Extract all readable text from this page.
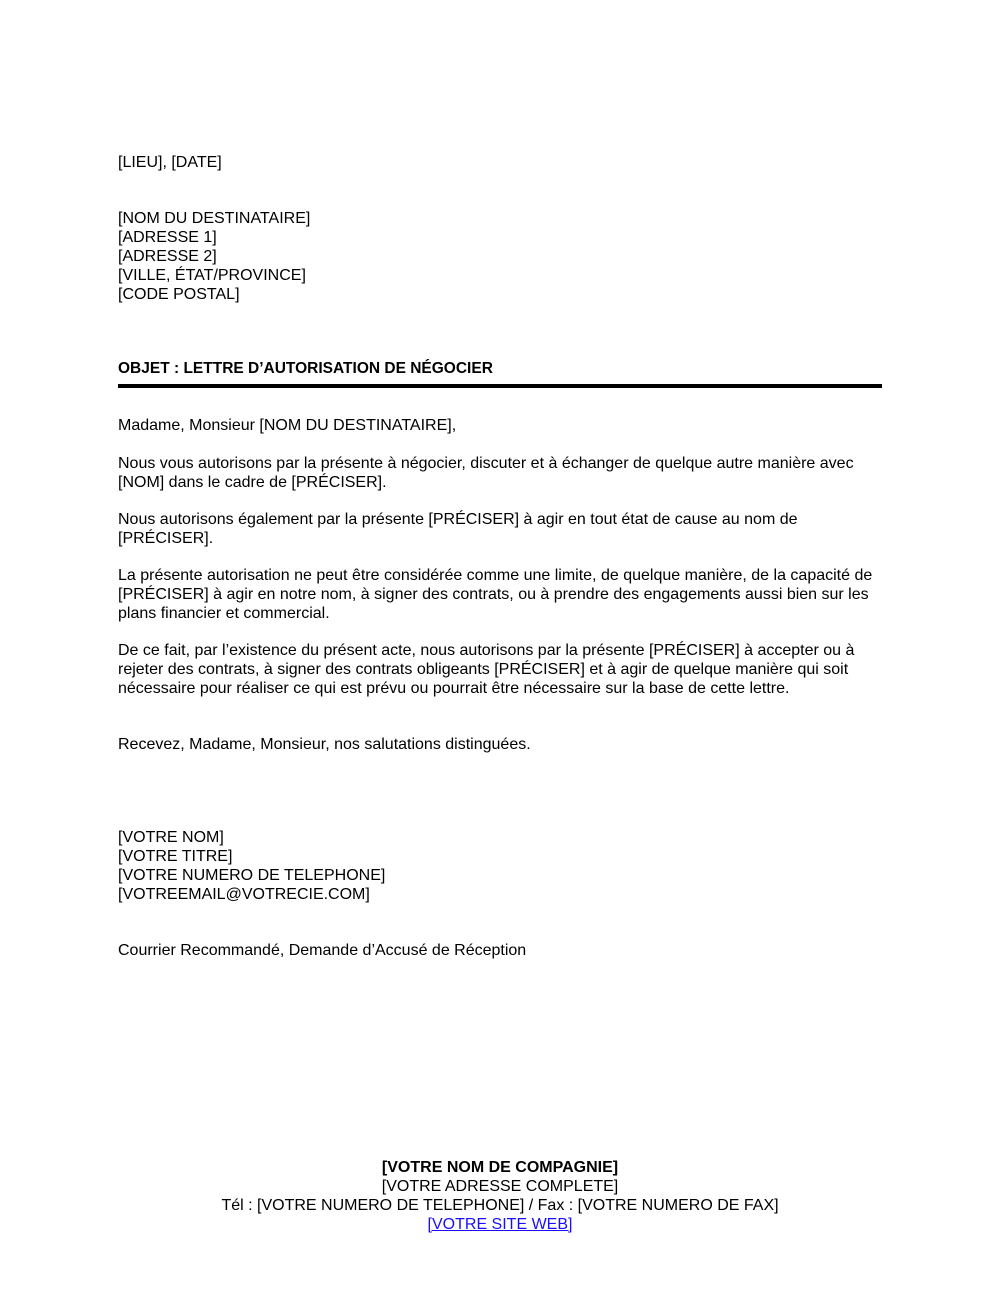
[LIEU], [DATE]
[NOM DU DESTINATAIRE]
[ADRESSE 1]
[ADRESSE 2]
[VILLE, ÉTAT/PROVINCE]
[CODE POSTAL]
OBJET : LETTRE D’AUTORISATION DE NÉGOCIER
Madame, Monsieur [NOM DU DESTINATAIRE],
Nous vous autorisons par la présente à négocier, discuter et à échanger de quelque autre manière avec [NOM] dans le cadre de [PRÉCISER].
Nous autorisons également par la présente [PRÉCISER] à agir en tout état de cause au nom de [PRÉCISER].
La présente autorisation ne peut être considérée comme une limite, de quelque manière, de la capacité de [PRÉCISER] à agir en notre nom, à signer des contrats, ou à prendre des engagements aussi bien sur les plans financier et commercial.
De ce fait, par l’existence du présent acte, nous autorisons par la présente [PRÉCISER] à accepter ou à rejeter des contrats, à signer des contrats obligeants [PRÉCISER] et à agir de quelque manière qui soit nécessaire pour réaliser ce qui est prévu ou pourrait être nécessaire sur la base de cette lettre.
Recevez, Madame, Monsieur, nos salutations distinguées.
[VOTRE NOM]
[VOTRE TITRE]
[VOTRE NUMERO DE TELEPHONE]
[VOTREEMAIL@VOTRECIE.COM]
Courrier Recommandé, Demande d’Accusé de Réception
[VOTRE NOM DE COMPAGNIE]
[VOTRE ADRESSE COMPLETE]
Tél : [VOTRE NUMERO DE TELEPHONE] / Fax : [VOTRE NUMERO DE FAX]
[VOTRE SITE WEB]
